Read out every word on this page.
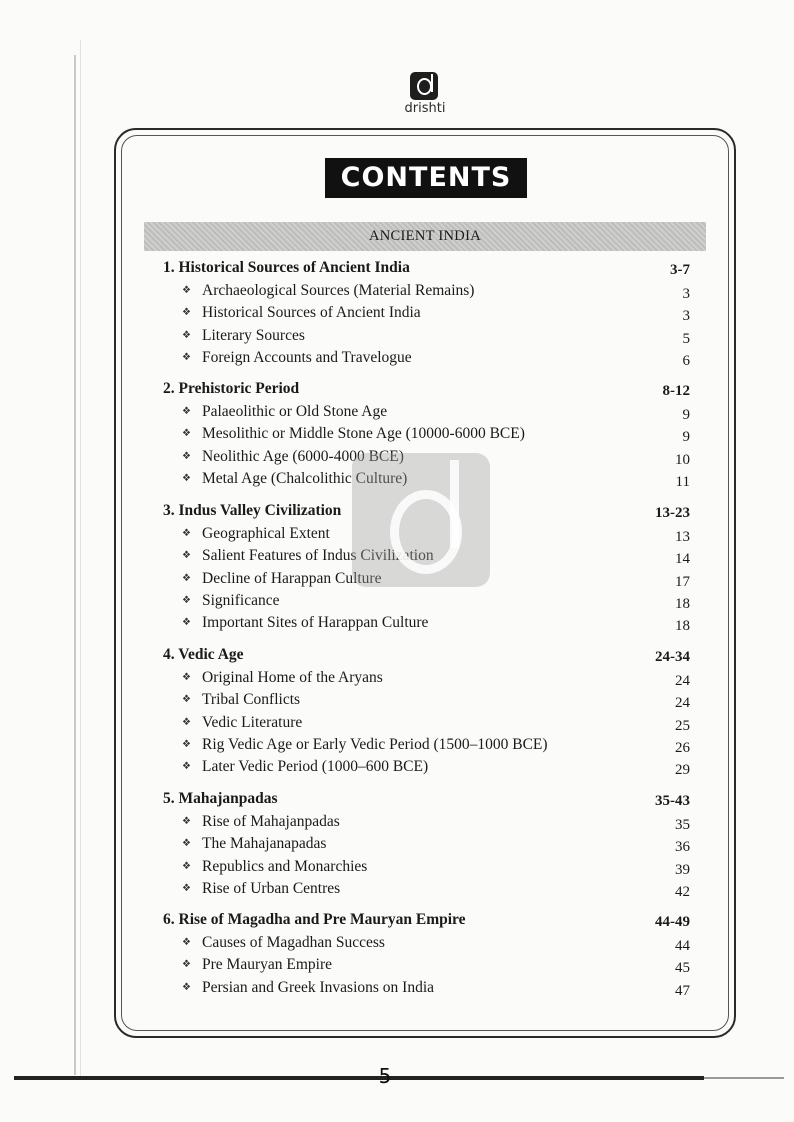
drishti
CONTENTS
ANCIENT INDIA
1. Historical Sources of Ancient India	3-7
❖ Archaeological Sources (Material Remains)	3
❖ Historical Sources of Ancient India	3
❖ Literary Sources	5
❖ Foreign Accounts and Travelogue	6
2. Prehistoric Period	8-12
❖ Palaeolithic or Old Stone Age	9
❖ Mesolithic or Middle Stone Age (10000-6000 BCE)	9
❖ Neolithic Age (6000-4000 BCE)	10
❖ Metal Age (Chalcolithic Culture)	11
3. Indus Valley Civilization	13-23
❖ Geographical Extent	13
❖ Salient Features of Indus Civilization	14
❖ Decline of Harappan Culture	17
❖ Significance	18
❖ Important Sites of Harappan Culture	18
4. Vedic Age	24-34
❖ Original Home of the Aryans	24
❖ Tribal Conflicts	24
❖ Vedic Literature	25
❖ Rig Vedic Age or Early Vedic Period (1500–1000 BCE)	26
❖ Later Vedic Period (1000–600 BCE)	29
5. Mahajanpadas	35-43
❖ Rise of Mahajanpadas	35
❖ The Mahajanapadas	36
❖ Republics and Monarchies	39
❖ Rise of Urban Centres	42
6. Rise of Magadha and Pre Mauryan Empire	44-49
❖ Causes of Magadhan Success	44
❖ Pre Mauryan Empire	45
❖ Persian and Greek Invasions on India	47
5
